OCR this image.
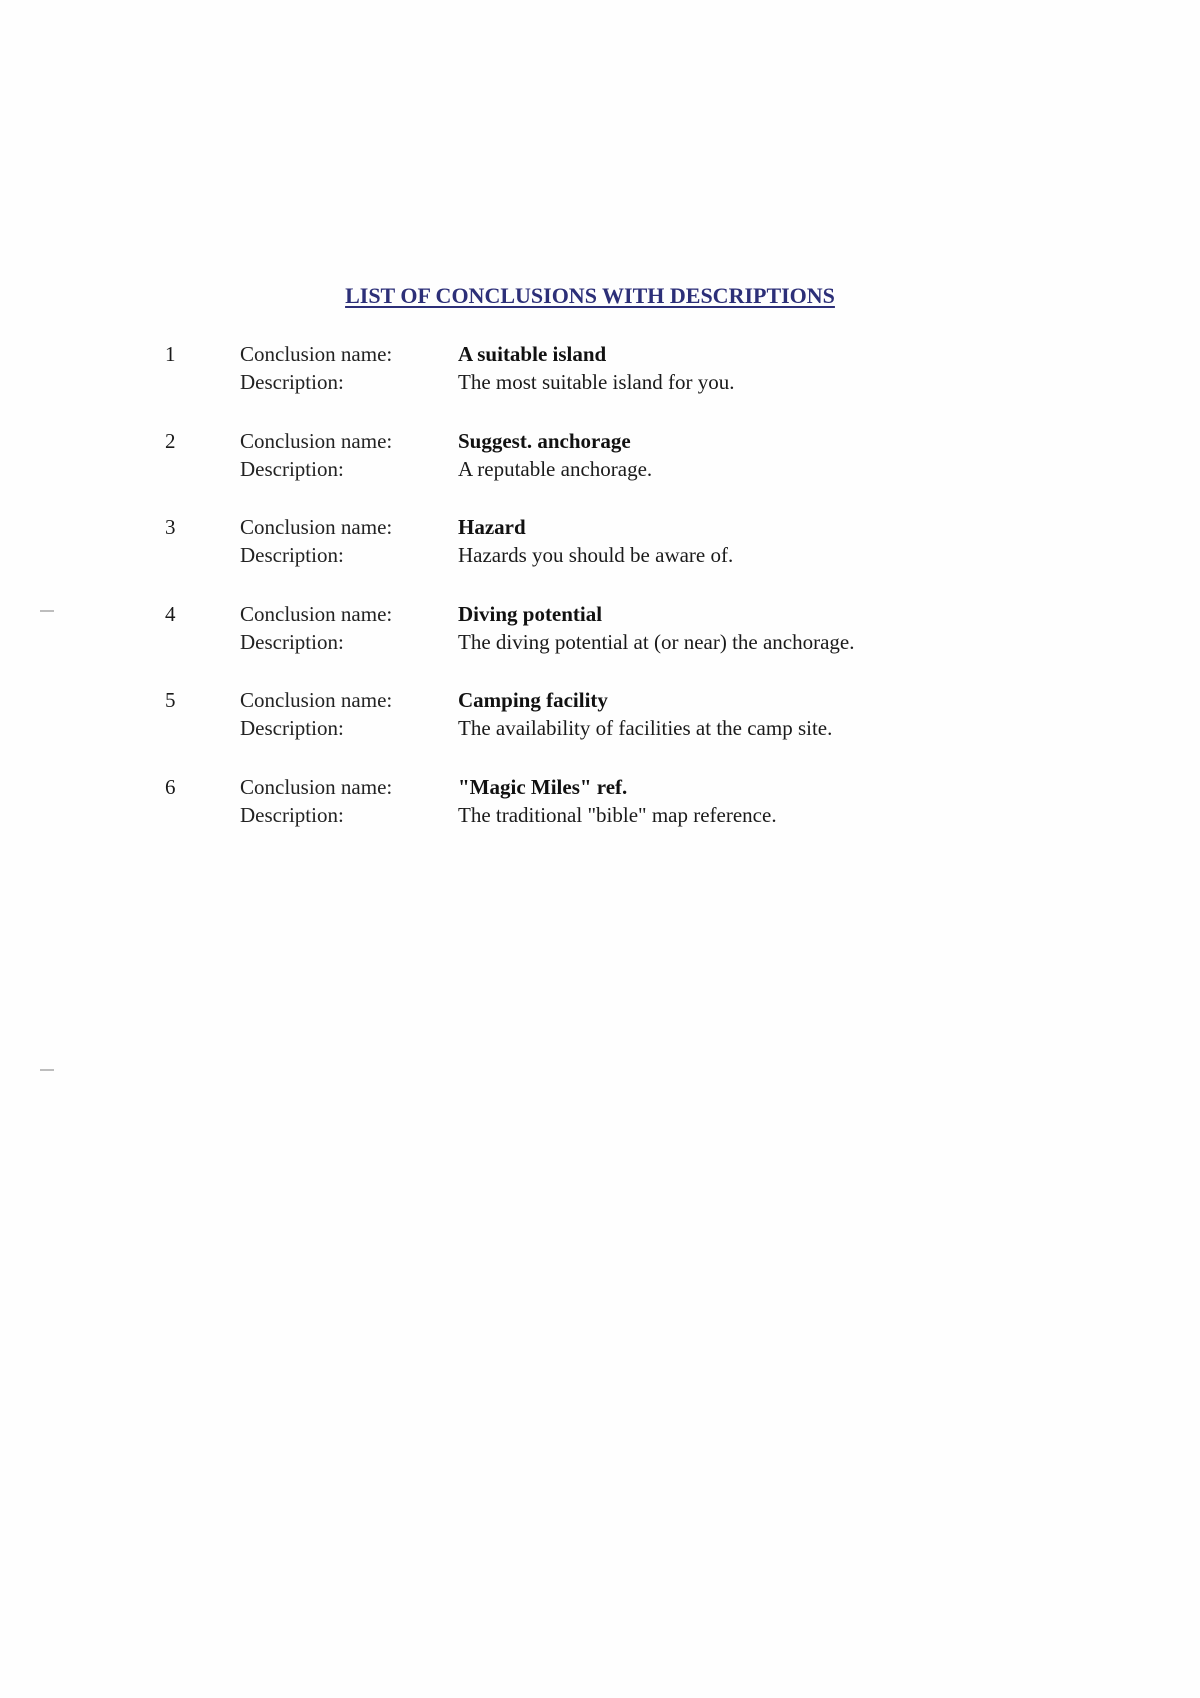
LIST OF CONCLUSIONS WITH DESCRIPTIONS
1	Conclusion name:	A suitable island
Description:	The most suitable island for you.
2	Conclusion name:	Suggest. anchorage
Description:	A reputable anchorage.
3	Conclusion name:	Hazard
Description:	Hazards you should be aware of.
4	Conclusion name:	Diving potential
Description:	The diving potential at (or near) the anchorage.
5	Conclusion name:	Camping facility
Description:	The availability of facilities at the camp site.
6	Conclusion name:	"Magic Miles" ref.
Description:	The traditional "bible" map reference.
